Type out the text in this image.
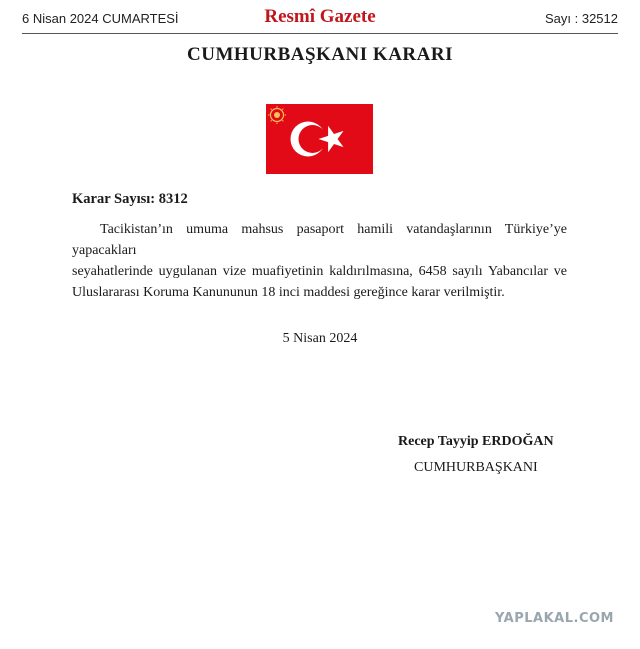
6 Nisan 2024 CUMARTESİ	Resmî Gazete	Sayı : 32512
CUMHURBAŞKANI KARARI
Karar Sayısı: 8312

Tacikistan’ın umuma mahsus pasaport hamili vatandaşlarının Türkiye’ye yapacakları
seyahatlerinde uygulanan vize muafiyetinin kaldırılmasına, 6458 sayılı Yabancılar ve
Uluslararası Koruma Kanununun 18 inci maddesi gereğince karar verilmiştir.

5 Nisan 2024
Recep Tayyip ERDOĞAN
CUMHURBAŞKANI
YAPLAKAL.COM
